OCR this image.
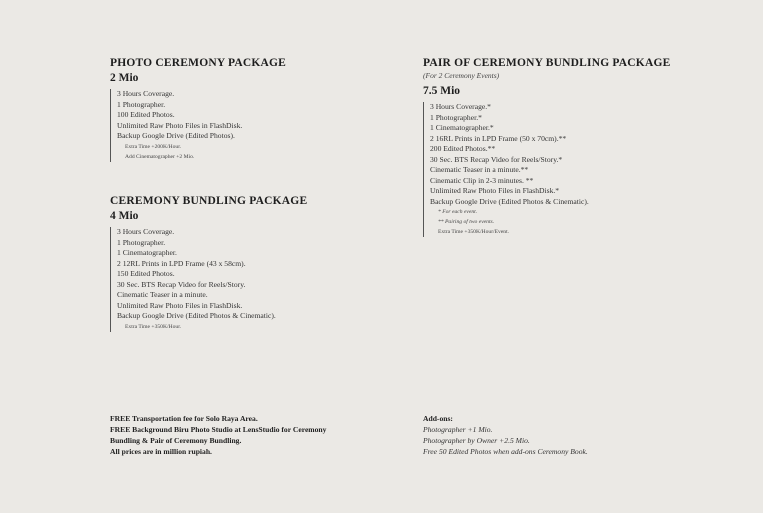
PHOTO CEREMONY PACKAGE
2 Mio
3 Hours Coverage.
1 Photographer.
100 Edited Photos.
Unlimited Raw Photo Files in FlashDisk.
Backup Google Drive (Edited Photos).
Extra Time +200K/Hour.
Add Cinematographer +2 Mio.
CEREMONY BUNDLING PACKAGE
4 Mio
3 Hours Coverage.
1 Photographer.
1 Cinematographer.
2 12RL Prints in LPD Frame (43 x 58cm).
150 Edited Photos.
30 Sec. BTS Recap Video for Reels/Story.
Cinematic Teaser in a minute.
Unlimited Raw Photo Files in FlashDisk.
Backup Google Drive (Edited Photos & Cinematic).
Extra Time +350K/Hour.
PAIR OF CEREMONY BUNDLING PACKAGE
(For 2 Ceremony Events)
7.5 Mio
3 Hours Coverage.*
1 Photographer.*
1 Cinematographer.*
2 16RL Prints in LPD Frame (50 x 70cm).**
200 Edited Photos.**
30 Sec. BTS Recap Video for Reels/Story.*
Cinematic Teaser in a minute.**
Cinematic Clip in 2-3 minutes. **
Unlimited Raw Photo Files in FlashDisk.*
Backup Google Drive (Edited Photos & Cinematic).
* For each event.
** Pairing of two events.
Extra Time +350K/Hour/Event.
FREE Transportation fee for Solo Raya Area.
FREE Background Biru Photo Studio at LensStudio for Ceremony
Bundling & Pair of Ceremony Bundling.
All prices are in million rupiah.
Add-ons:
Photographer +1 Mio.
Photographer by Owner +2.5 Mio.
Free 50 Edited Photos when add-ons Ceremony Book.
